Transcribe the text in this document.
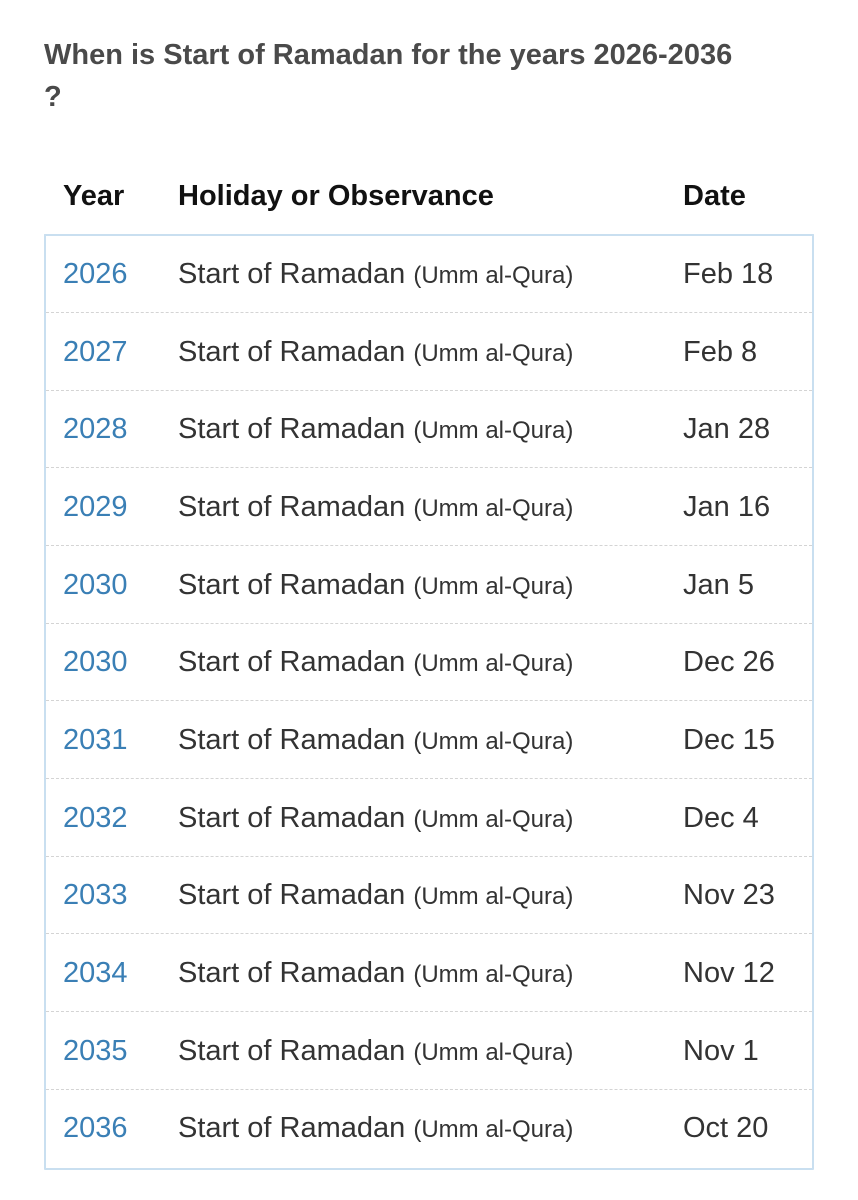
When is Start of Ramadan for the years 2026-2036 ?
Year Holiday or Observance	Date
2026 Start of Ramadan (Umm al-Qura)	Feb 18
2027 Start of Ramadan (Umm al-Qura)	Feb 8
2028 Start of Ramadan (Umm al-Qura)	Jan 28
2029 Start of Ramadan (Umm al-Qura)	Jan 16
2030 Start of Ramadan (Umm al-Qura)	Jan 5
2030 Start of Ramadan (Umm al-Qura)	Dec 26
2031 Start of Ramadan (Umm al-Qura)	Dec 15
2032 Start of Ramadan (Umm al-Qura)	Dec 4
2033 Start of Ramadan (Umm al-Qura)	Nov 23
2034 Start of Ramadan (Umm al-Qura)	Nov 12
2035 Start of Ramadan (Umm al-Qura)	Nov 1
2036 Start of Ramadan (Umm al-Qura)	Oct 20
